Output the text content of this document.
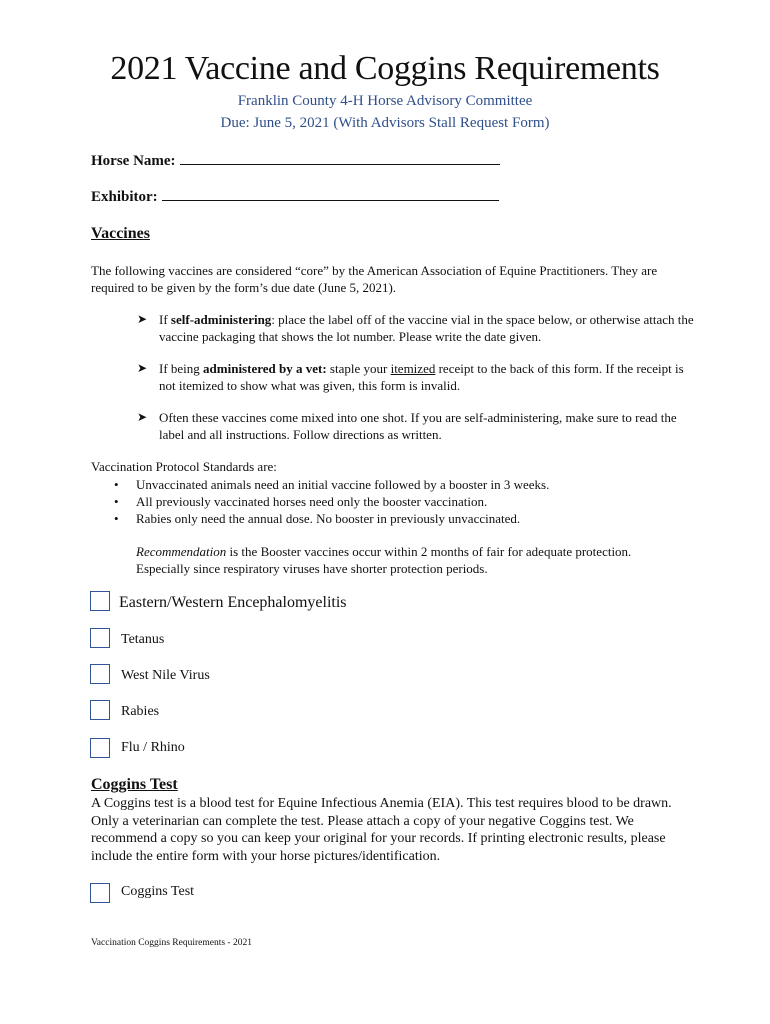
2021 Vaccine and Coggins Requirements
Franklin County 4-H Horse Advisory Committee
Due: June 5, 2021 (With Advisors Stall Request Form)
Horse Name:
Exhibitor:
Vaccines
The following vaccines are considered “core” by the American Association of Equine Practitioners. They are required to be given by the form’s due date (June 5, 2021).
➤ If self-administering: place the label off of the vaccine vial in the space below, or otherwise attach the vaccine packaging that shows the lot number. Please write the date given.
➤ If being administered by a vet: staple your itemized receipt to the back of this form. If the receipt is not itemized to show what was given, this form is invalid.
➤ Often these vaccines come mixed into one shot. If you are self-administering, make sure to read the label and all instructions. Follow directions as written.
Vaccination Protocol Standards are:
• Unvaccinated animals need an initial vaccine followed by a booster in 3 weeks.
• All previously vaccinated horses need only the booster vaccination.
• Rabies only need the annual dose. No booster in previously unvaccinated.
Recommendation is the Booster vaccines occur within 2 months of fair for adequate protection. Especially since respiratory viruses have shorter protection periods.
Eastern/Western Encephalomyelitis
Tetanus
West Nile Virus
Rabies
Flu / Rhino
Coggins Test
A Coggins test is a blood test for Equine Infectious Anemia (EIA). This test requires blood to be drawn. Only a veterinarian can complete the test. Please attach a copy of your negative Coggins test. We recommend a copy so you can keep your original for your records. If printing electronic results, please include the entire form with your horse pictures/identification.
Coggins Test
Vaccination Coggins Requirements - 2021
